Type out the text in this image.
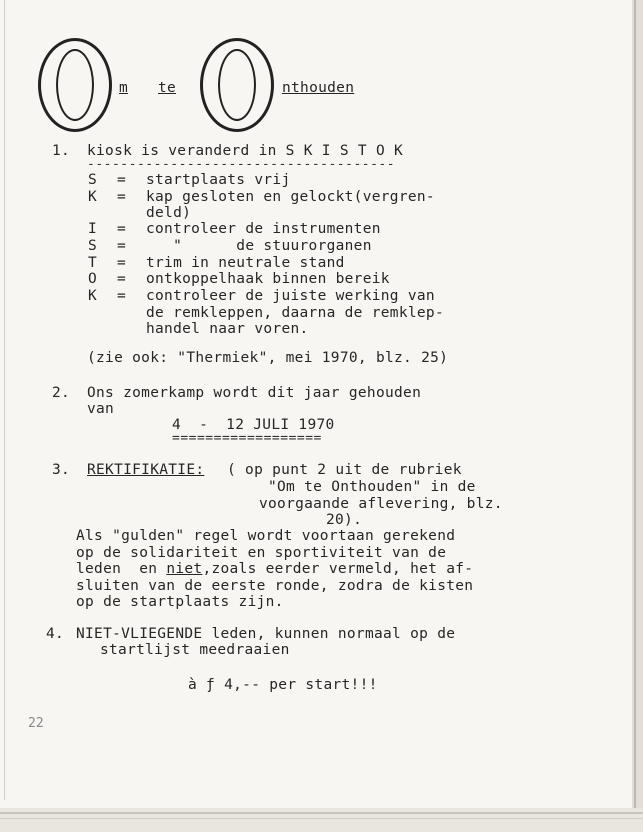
m te	nthouden
1. kiosk is veranderd in S K I S T O K
-------------------------------------
S = startplaats vrij
K = kap gesloten en gelockt(vergren-
deld)
I = controleer de instrumenten
S = "      de stuurorganen
T = trim in neutrale stand
O = ontkoppelhaak binnen bereik
K = controleer de juiste werking van
de remkleppen, daarna de remklep-
handel naar voren.
(zie ook: "Thermiek", mei 1970, blz. 25)
2. Ons zomerkamp wordt dit jaar gehouden
van
4  -  12 JULI 1970
==================
3. REKTIFIKATIE: ( op punt 2 uit de rubriek
"Om te Onthouden" in de
voorgaande aflevering, blz.
20).
Als "gulden" regel wordt voortaan gerekend
op de solidariteit en sportiviteit van de
leden  en niet,zoals eerder vermeld, het af-
sluiten van de eerste ronde, zodra de kisten
op de startplaats zijn.
4. NIET-VLIEGENDE leden, kunnen normaal op de
startlijst meedraaien
à ƒ 4,-- per start!!!
22
